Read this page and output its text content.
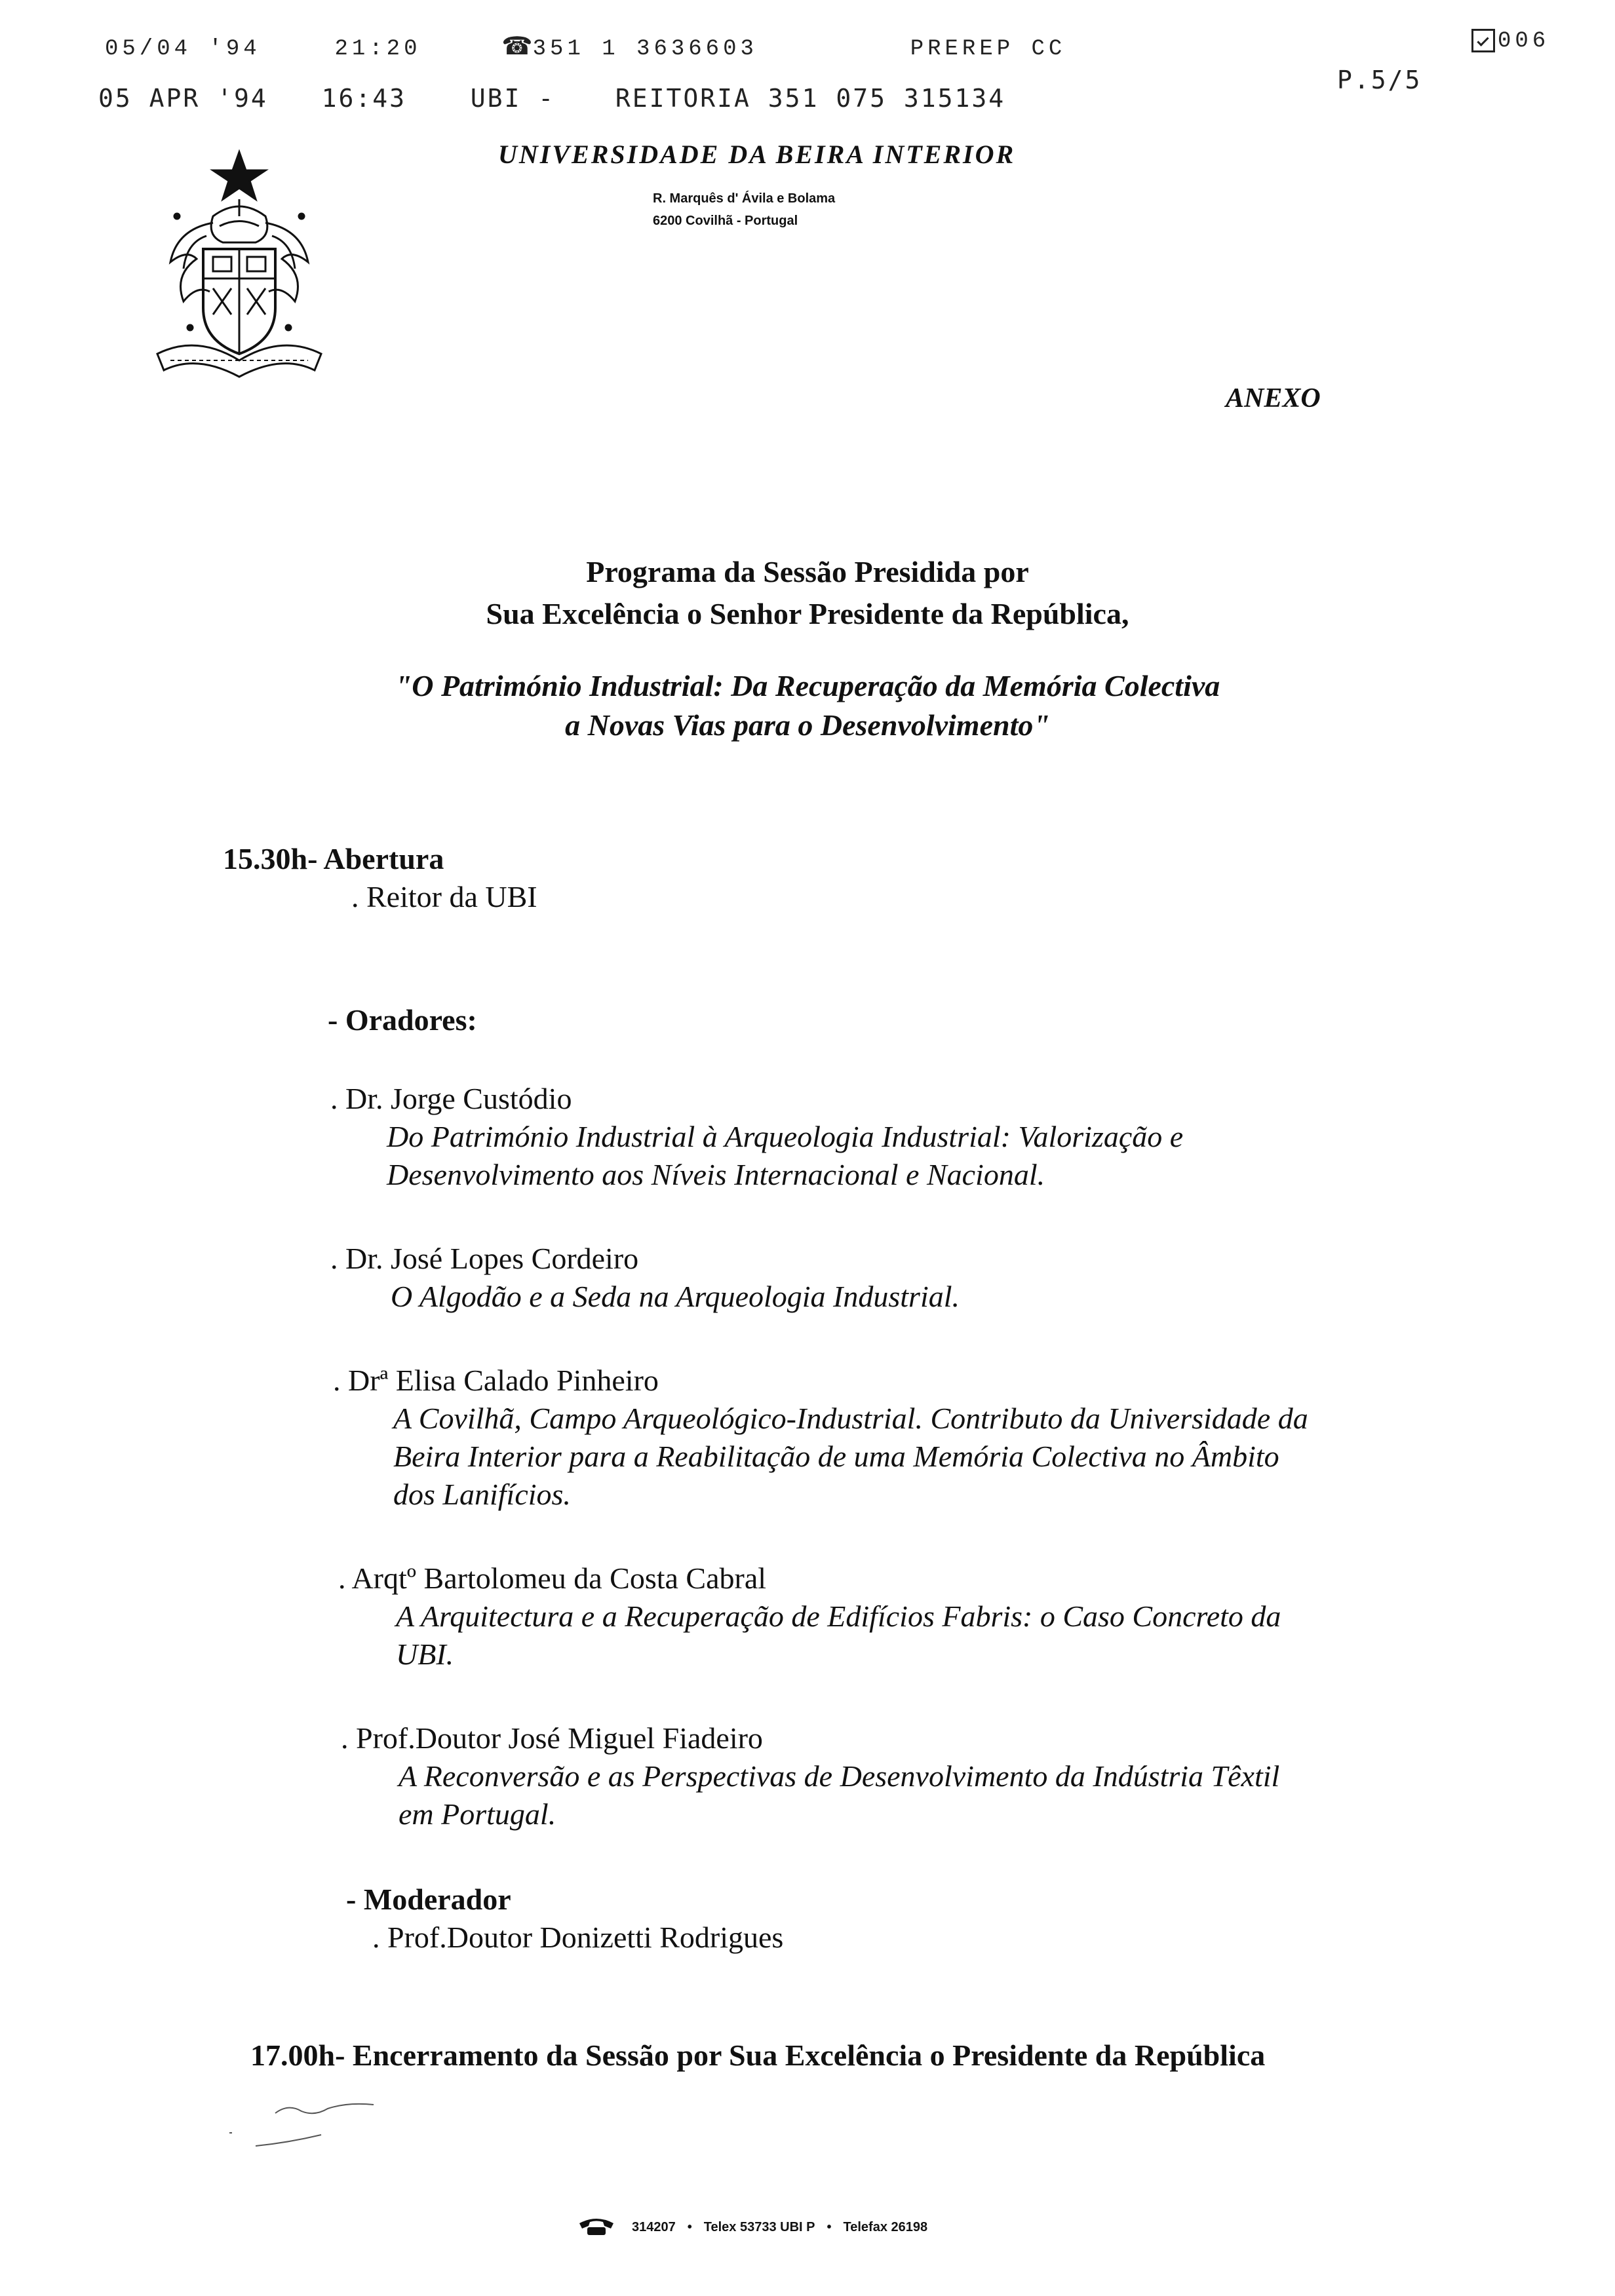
05/04 '94	21:20	☎351 1 3636603	PREREP CC	006
05 APR '94 16:43	UBI - REITORIA 351 075 315134
P.5/5
UNIVERSIDADE DA BEIRA INTERIOR
R. Marquês d' Ávila e Bolama
6200 Covilhã - Portugal
ANEXO
Programa da Sessão Presidida por
Sua Excelência o Senhor Presidente da República,
"O Património Industrial: Da Recuperação da Memória Colectiva
a Novas Vias para o Desenvolvimento"
15.30h- Abertura
. Reitor da UBI
- Oradores:
. Dr. Jorge Custódio
Do Património Industrial à Arqueologia Industrial: Valorização e
Desenvolvimento aos Níveis Internacional e Nacional.
. Dr. José Lopes Cordeiro
O Algodão e a Seda na Arqueologia Industrial.
. Drª Elisa Calado Pinheiro
A Covilhã, Campo Arqueológico-Industrial. Contributo da Universidade da
Beira Interior para a Reabilitação de uma Memória Colectiva no Âmbito
dos Lanifícios.
. Arqtº Bartolomeu da Costa Cabral
A Arquitectura e a Recuperação de Edifícios Fabris: o Caso Concreto da
UBI.
. Prof.Doutor José Miguel Fiadeiro
A Reconversão e as Perspectivas de Desenvolvimento da Indústria Têxtil
em Portugal.
- Moderador
. Prof.Doutor Donizetti Rodrigues
17.00h- Encerramento da Sessão por Sua Excelência o Presidente da República
314207 • Telex 53733 UBI P • Telefax 26198
